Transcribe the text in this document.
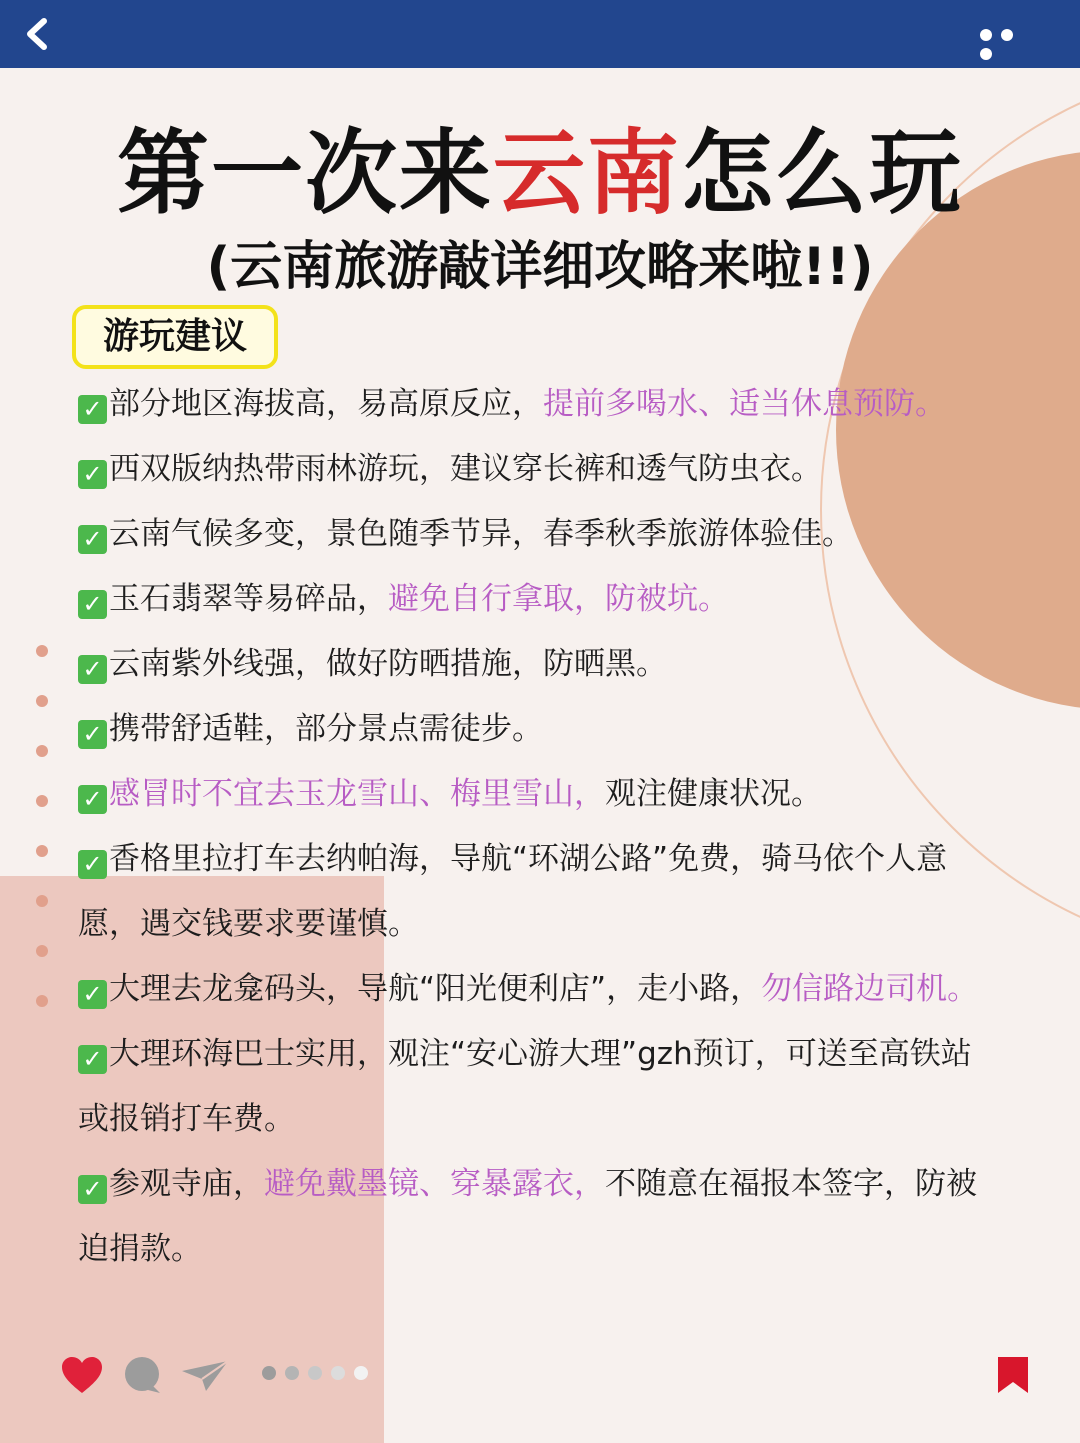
第一次来云南怎么玩
(云南旅游敲详细攻略来啦!!)
游玩建议
✓ 部分地区海拔高，易高原反应，提前多喝水、适当休息预防。
✓ 西双版纳热带雨林游玩，建议穿长裤和透气防虫衣。
✓ 云南气候多变，景色随季节异，春季秋季旅游体验佳。
✓ 玉石翡翠等易碎品，避免自行拿取，防被坑。
✓ 云南紫外线强，做好防晒措施，防晒黑。
✓ 携带舒适鞋，部分景点需徒步。
✓ 感冒时不宜去玉龙雪山、梅里雪山，观注健康状况。
✓ 香格里拉打车去纳帕海，导航“环湖公路”免费，骑马依个人意愿，遇交钱要求要谨慎。
✓ 大理去龙龛码头，导航“阳光便利店”，走小路，勿信路边司机。
✓ 大理环海巴士实用，观注“安心游大理”gzh预订，可送至高铁站或报销打车费。
✓ 参观寺庙，避免戴墨镜、穿暴露衣，不随意在福报本签字，防被迫捐款。
